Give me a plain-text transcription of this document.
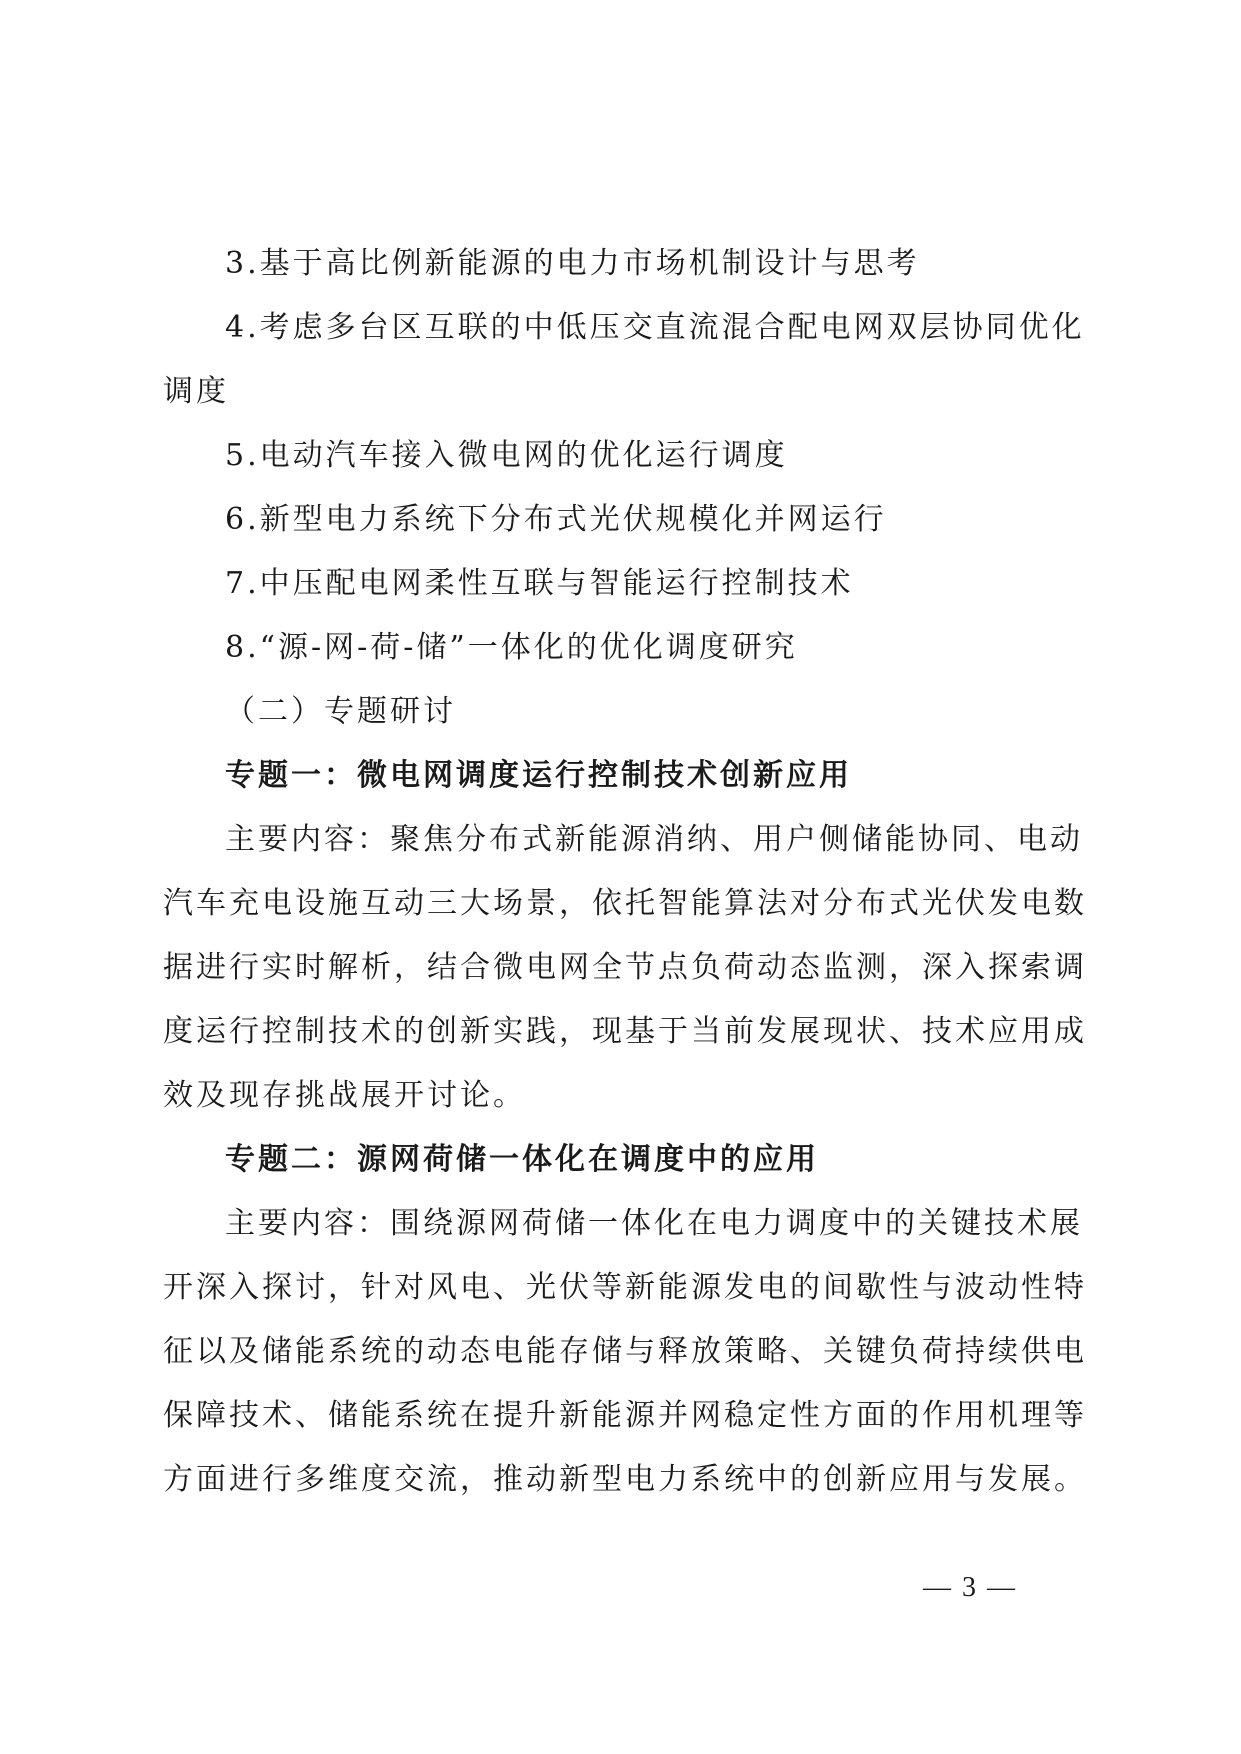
3.基于高比例新能源的电力市场机制设计与思考
4.考虑多台区互联的中低压交直流混合配电网双层协同优化
调度
5.电动汽车接入微电网的优化运行调度
6.新型电力系统下分布式光伏规模化并网运行
7.中压配电网柔性互联与智能运行控制技术
8.“源-网-荷-储”一体化的优化调度研究
（二）专题研讨
专题一：微电网调度运行控制技术创新应用
主要内容：聚焦分布式新能源消纳、用户侧储能协同、电动
汽车充电设施互动三大场景，依托智能算法对分布式光伏发电数
据进行实时解析，结合微电网全节点负荷动态监测，深入探索调
度运行控制技术的创新实践，现基于当前发展现状、技术应用成
效及现存挑战展开讨论。
专题二：源网荷储一体化在调度中的应用
主要内容：围绕源网荷储一体化在电力调度中的关键技术展
开深入探讨，针对风电、光伏等新能源发电的间歇性与波动性特
征以及储能系统的动态电能存储与释放策略、关键负荷持续供电
保障技术、储能系统在提升新能源并网稳定性方面的作用机理等
方面进行多维度交流，推动新型电力系统中的创新应用与发展。
— 3 —
